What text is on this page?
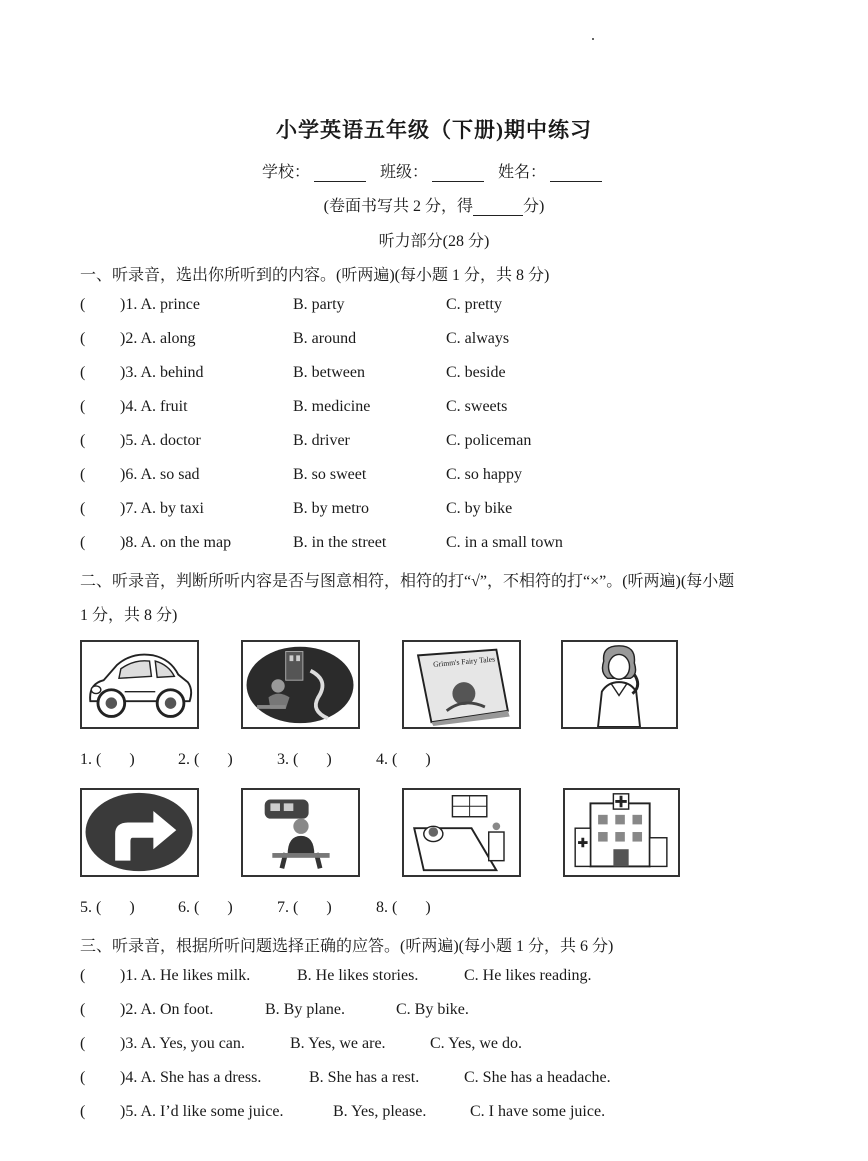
小学英语五年级（下册)期中练习
学校：	班级：	姓名：
(卷面书写共 2 分，得	分)
听力部分(28 分)
一、听录音，选出你所听到的内容。(听两遍)(每小题 1 分，共 8 分)
( )1. A. prince	B. party	C. pretty
( )2. A. along	B. around	C. always
( )3. A. behind	B. between	C. beside
( )4. A. fruit	B. medicine	C. sweets
( )5. A. doctor	B. driver	C. policeman
( )6. A. so sad	B. so sweet	C. so happy
( )7. A. by taxi	B. by metro	C. by bike
( )8. A. on the map	B. in the street	C. in a small town
二、听录音，判断所听内容是否与图意相符，相符的打“√”，不相符的打“×”。(听两遍)(每小题
1 分，共 8 分)
Grimm's Fairy Tales
1. ( )	2. ( )	3. ( )	4. ( )
5. ( )	6. ( )	7. ( )	8. ( )
三、听录音，根据所听问题选择正确的应答。(听两遍)(每小题 1 分，共 6 分)
( )1. A. He likes milk.	B. He likes stories.	C. He likes reading.
( )2. A. On foot.	B. By plane.	C. By bike.
( )3. A. Yes, you can.	B. Yes, we are.	C. Yes, we do.
( )4. A. She has a dress.	B. She has a rest.	C. She has a headache.
( )5. A. I’d like some juice.	B. Yes, please.	C. I have some juice.
